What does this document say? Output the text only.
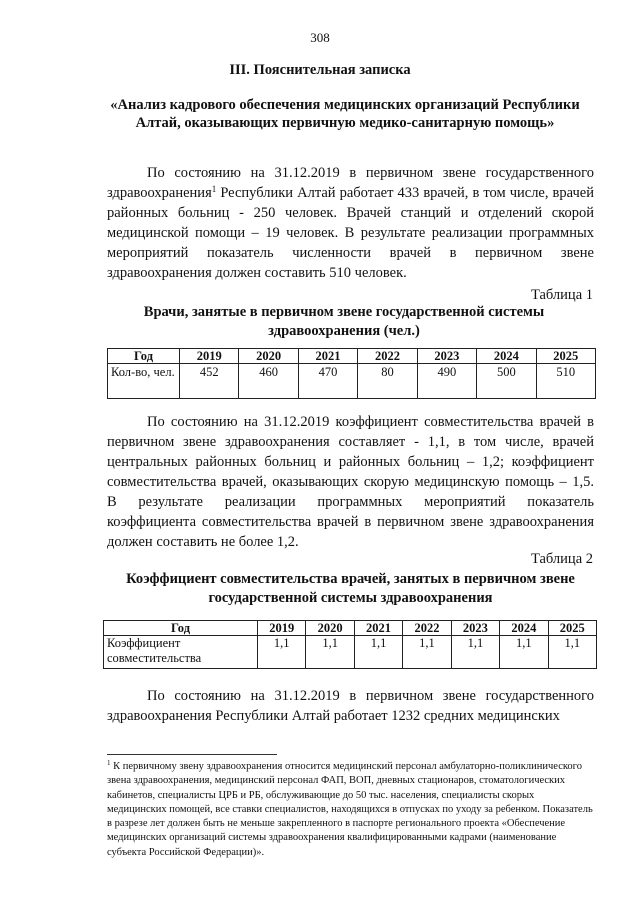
308
III. Пояснительная записка
«Анализ кадрового обеспечения медицинских организаций Республики Алтай, оказывающих первичную медико-санитарную помощь»

По состоянию на 31.12.2019 в первичном звене государственного здравоохранения$^1$ Республики Алтай работает 433 врачей, в том числе, врачей районных больниц - 250 человек. Врачей станций и отделений скорой медицинской помощи – 19 человек. В результате реализации программных мероприятий показатель численности врачей в первичном звене здравоохранения должен составить 510 человек.

Таблица 1
Врачи, занятые в первичном звене государственной системы здравоохранения (чел.)
Год	2019	2020	2021	2022	2023	2024	2025
Кол-во, чел.	452	460	470	80	490	500	510

По состоянию на 31.12.2019 коэффициент совместительства врачей в первичном звене здравоохранения составляет - 1,1, в том числе, врачей центральных районных больниц и районных больниц – 1,2; коэффициент совместительства врачей, оказывающих скорую медицинскую помощь – 1,5. В результате реализации программных мероприятий показатель коэффициента совместительства врачей в первичном звене здравоохранения должен составить не более 1,2.

Таблица 2
Коэффициент совместительства врачей, занятых в первичном звене государственной системы здравоохранения
Год	2019	2020	2021	2022	2023	2024	2025
Коэффициент совместительства	1,1	1,1	1,1	1,1	1,1	1,1	1,1

По состоянию на 31.12.2019 в первичном звене государственного здравоохранения Республики Алтай работает 1232 средних медицинских

$^1$ К первичному звену здравоохранения относится медицинский персонал амбулаторно-поликлинического звена здравоохранения, медицинский персонал ФАП, ВОП, дневных стационаров, стоматологических кабинетов, специалисты ЦРБ и РБ, обслуживающие до 50 тыс. населения, специалисты скорых медицинских помощей, все ставки специалистов, находящихся в отпусках по уходу за ребенком. Показатель в разрезе лет должен быть не меньше закрепленного в паспорте регионального проекта «Обеспечение медицинских организаций системы здравоохранения квалифицированными кадрами (наименование субъекта Российской Федерации)».
